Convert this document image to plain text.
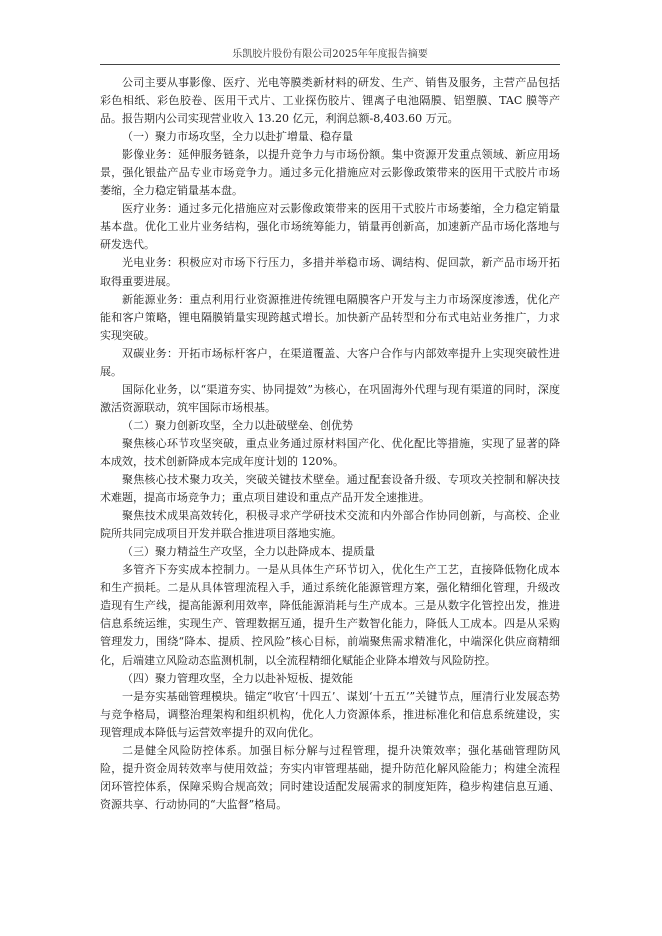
乐凯胶片股份有限公司2025年年度报告摘要

公司主要从事影像、医疗、光电等膜类新材料的研发、生产、销售及服务，主营产品包括彩色相纸、彩色胶卷、医用干式片、工业探伤胶片、锂离子电池隔膜、铝塑膜、TAC 膜等产品。报告期内公司实现营业收入 13.20 亿元，利润总额-8,403.60 万元。

（一）聚力市场攻坚，全力以赴扩增量、稳存量

影像业务：延伸服务链条，以提升竞争力与市场份额。集中资源开发重点领域、新应用场景，强化银盐产品专业市场竞争力。通过多元化措施应对云影像政策带来的医用干式胶片市场萎缩，全力稳定销量基本盘。

医疗业务：通过多元化措施应对云影像政策带来的医用干式胶片市场萎缩，全力稳定销量基本盘。优化工业片业务结构，强化市场统筹能力，销量再创新高，加速新产品市场化落地与研发迭代。

光电业务：积极应对市场下行压力，多措并举稳市场、调结构、促回款，新产品市场开拓取得重要进展。

新能源业务：重点利用行业资源推进传统锂电隔膜客户开发与主力市场深度渗透，优化产能和客户策略，锂电隔膜销量实现跨越式增长。加快新产品转型和分布式电站业务推广，力求实现突破。

双碳业务：开拓市场标杆客户，在渠道覆盖、大客户合作与内部效率提升上实现突破性进展。

国际化业务，以“渠道夯实、协同提效”为核心，在巩固海外代理与现有渠道的同时，深度激活资源联动，筑牢国际市场根基。

（二）聚力创新攻坚，全力以赴破壁垒、创优势

聚焦核心环节攻坚突破，重点业务通过原材料国产化、优化配比等措施，实现了显著的降本成效，技术创新降成本完成年度计划的 120%。

聚焦核心技术聚力攻关，突破关键技术壁垒。通过配套设备升级、专项攻关控制和解决技术难题，提高市场竞争力；重点项目建设和重点产品开发全速推进。

聚焦技术成果高效转化，积极寻求产学研技术交流和内外部合作协同创新，与高校、企业院所共同完成项目开发并联合推进项目落地实施。

（三）聚力精益生产攻坚，全力以赴降成本、提质量

多管齐下夯实成本控制力。一是从具体生产环节切入，优化生产工艺，直接降低物化成本和生产损耗。二是从具体管理流程入手，通过系统化能源管理方案，强化精细化管理，升级改造现有生产线，提高能源利用效率，降低能源消耗与生产成本。三是从数字化管控出发，推进信息系统运维，实现生产、管理数据互通，提升生产数智化能力，降低人工成本。四是从采购管理发力，围绕“降本、提质、控风险”核心目标，前端聚焦需求精准化，中端深化供应商精细化，后端建立风险动态监测机制，以全流程精细化赋能企业降本增效与风险防控。

（四）聚力管理攻坚，全力以赴补短板、提效能

一是夯实基础管理模块。锚定“收官‘十四五’、谋划‘十五五’”关键节点，厘清行业发展态势与竞争格局，调整治理架构和组织机构，优化人力资源体系，推进标准化和信息系统建设，实现管理成本降低与运营效率提升的双向优化。

二是健全风险防控体系。加强目标分解与过程管理，提升决策效率；强化基础管理防风险，提升资金周转效率与使用效益；夯实内审管理基础，提升防范化解风险能力；构建全流程闭环管控体系，保障采购合规高效；同时建设适配发展需求的制度矩阵，稳步构建信息互通、资源共享、行动协同的“大监督”格局。
